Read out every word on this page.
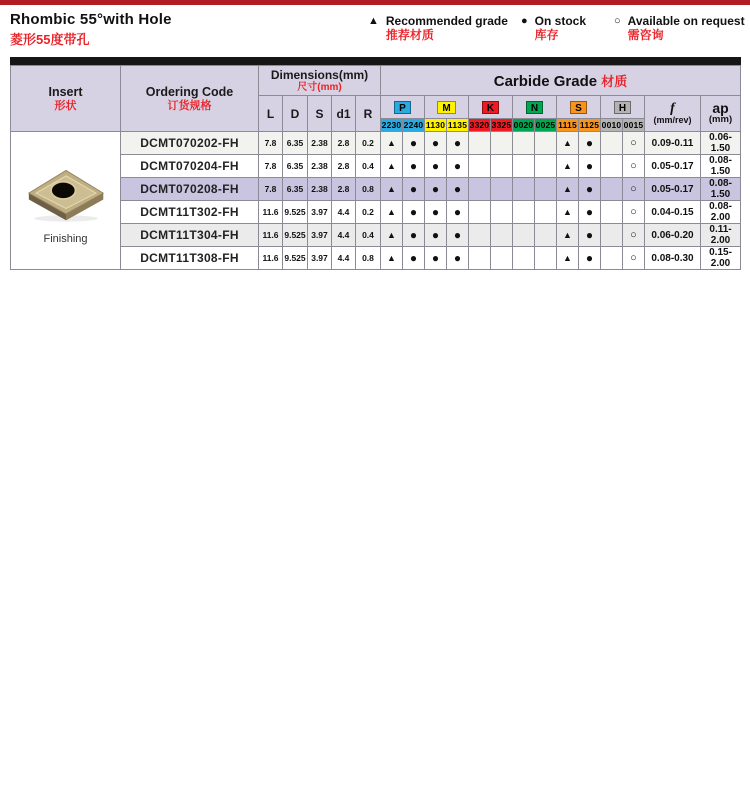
Rhombic 55°with Hole
菱形55度带孔
▲ Recommended grade
推荐材质
● On stock
库存
○ Available on request
需咨询
Insert
形状

Ordering Code
订货规格

Dimensions(mm)
尺寸(mm)	Carbide Grade 材质
L	D	S	d1	R	P	M	K	N	S	H	f
(mm/rev)

ap
(mm)

							2230	2240	1130	1135	3320	3325	0020	0025	1115	1125	0010	0015		

Finishing	DCMT070202-FH	7.8	6.35	2.38	2.8	0.2	▲	●	●	●					▲	●		○	0.09-0.11	0.06-1.50
	DCMT070204-FH	7.8	6.35	2.38	2.8	0.4	▲	●	●	●					▲	●		○	0.05-0.17	0.08-1.50
	DCMT070208-FH	7.8	6.35	2.38	2.8	0.8	▲	●	●	●					▲	●		○	0.05-0.17	0.08-1.50
	DCMT11T302-FH	11.6	9.525	3.97	4.4	0.2	▲	●	●	●					▲	●		○	0.04-0.15	0.08-2.00
	DCMT11T304-FH	11.6	9.525	3.97	4.4	0.4	▲	●	●	●					▲	●		○	0.06-0.20	0.11-2.00
	DCMT11T308-FH	11.6	9.525	3.97	4.4	0.8	▲	●	●	●					▲	●		○	0.08-0.30	0.15-2.00
